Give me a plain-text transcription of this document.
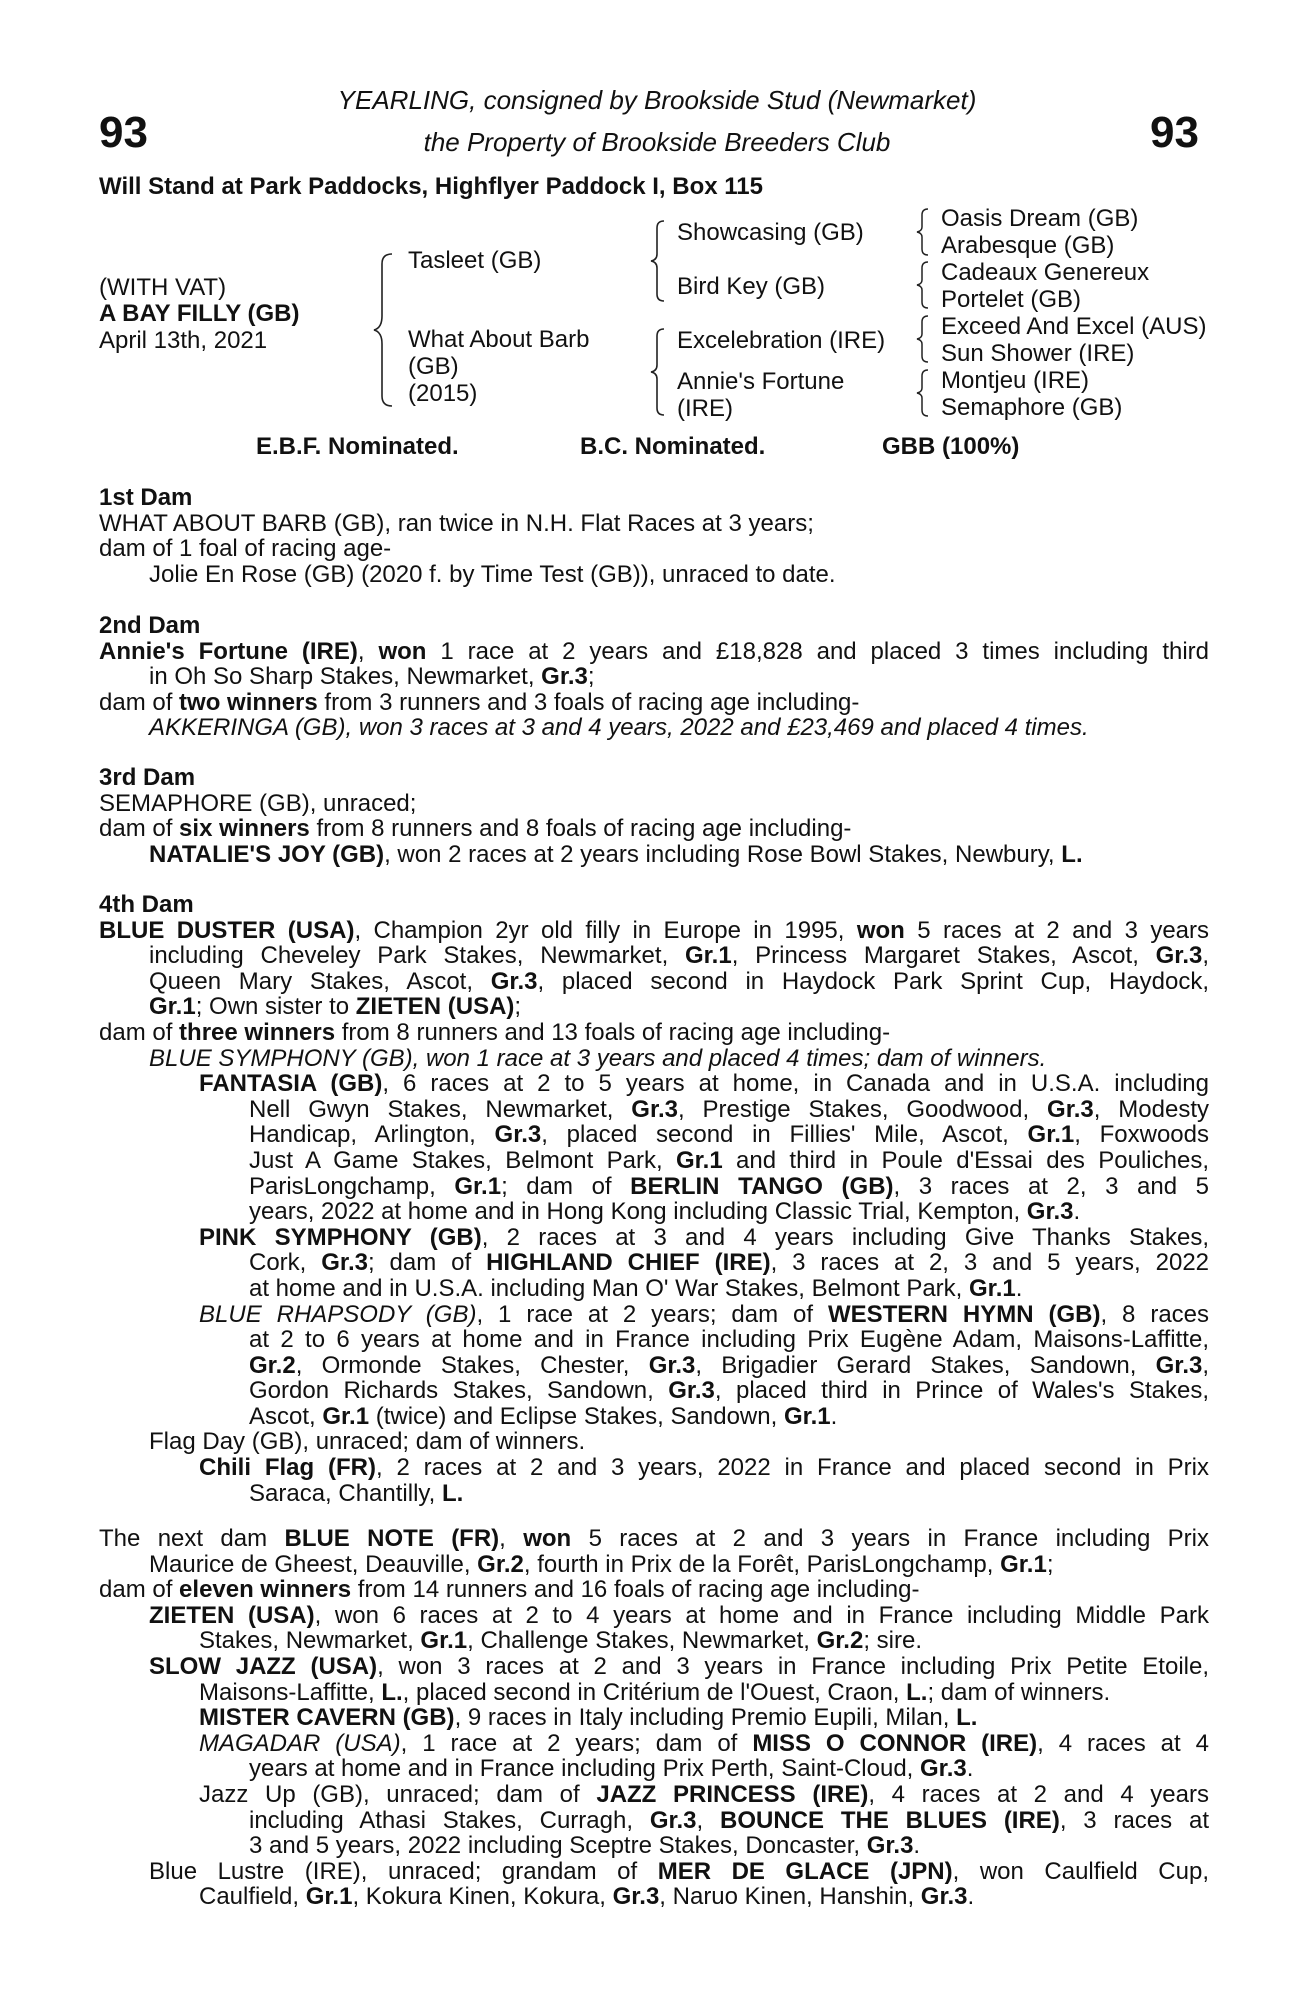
93	93
YEARLING, consigned by Brookside Stud (Newmarket)
the Property of Brookside Breeders Club
Will Stand at Park Paddocks, Highflyer Paddock I, Box 115
(WITH VAT)
A BAY FILLY (GB)
April 13th, 2021
Tasleet (GB)
What About Barb
(GB)
(2015)
Showcasing (GB)
Bird Key (GB)
Excelebration (IRE)
Annie's Fortune
(IRE)
Oasis Dream (GB)
Arabesque (GB)
Cadeaux Genereux
Portelet (GB)
Exceed And Excel (AUS)
Sun Shower (IRE)
Montjeu (IRE)
Semaphore (GB)
E.B.F. Nominated.	B.C. Nominated.	GBB (100%)
1st Dam
WHAT ABOUT BARB (GB), ran twice in N.H. Flat Races at 3 years;
dam of 1 foal of racing age-
Jolie En Rose (GB) (2020 f. by Time Test (GB)), unraced to date.
2nd Dam
Annie's Fortune (IRE), won 1 race at 2 years and £18,828 and placed 3 times including third
in Oh So Sharp Stakes, Newmarket, Gr.3;
dam of two winners from 3 runners and 3 foals of racing age including-
AKKERINGA (GB), won 3 races at 3 and 4 years, 2022 and £23,469 and placed 4 times.
3rd Dam
SEMAPHORE (GB), unraced;
dam of six winners from 8 runners and 8 foals of racing age including-
NATALIE'S JOY (GB), won 2 races at 2 years including Rose Bowl Stakes, Newbury, L.
4th Dam
BLUE DUSTER (USA), Champion 2yr old filly in Europe in 1995, won 5 races at 2 and 3 years
including Cheveley Park Stakes, Newmarket, Gr.1, Princess Margaret Stakes, Ascot, Gr.3,
Queen Mary Stakes, Ascot, Gr.3, placed second in Haydock Park Sprint Cup, Haydock,
Gr.1; Own sister to ZIETEN (USA);
dam of three winners from 8 runners and 13 foals of racing age including-
BLUE SYMPHONY (GB), won 1 race at 3 years and placed 4 times; dam of winners.
FANTASIA (GB), 6 races at 2 to 5 years at home, in Canada and in U.S.A. including
Nell Gwyn Stakes, Newmarket, Gr.3, Prestige Stakes, Goodwood, Gr.3, Modesty
Handicap, Arlington, Gr.3, placed second in Fillies' Mile, Ascot, Gr.1, Foxwoods
Just A Game Stakes, Belmont Park, Gr.1 and third in Poule d'Essai des Pouliches,
ParisLongchamp, Gr.1; dam of BERLIN TANGO (GB), 3 races at 2, 3 and 5
years, 2022 at home and in Hong Kong including Classic Trial, Kempton, Gr.3.
PINK SYMPHONY (GB), 2 races at 3 and 4 years including Give Thanks Stakes,
Cork, Gr.3; dam of HIGHLAND CHIEF (IRE), 3 races at 2, 3 and 5 years, 2022
at home and in U.S.A. including Man O' War Stakes, Belmont Park, Gr.1.
BLUE RHAPSODY (GB), 1 race at 2 years; dam of WESTERN HYMN (GB), 8 races
at 2 to 6 years at home and in France including Prix Eugène Adam, Maisons-Laffitte,
Gr.2, Ormonde Stakes, Chester, Gr.3, Brigadier Gerard Stakes, Sandown, Gr.3,
Gordon Richards Stakes, Sandown, Gr.3, placed third in Prince of Wales's Stakes,
Ascot, Gr.1 (twice) and Eclipse Stakes, Sandown, Gr.1.
Flag Day (GB), unraced; dam of winners.
Chili Flag (FR), 2 races at 2 and 3 years, 2022 in France and placed second in Prix
Saraca, Chantilly, L.
The next dam BLUE NOTE (FR), won 5 races at 2 and 3 years in France including Prix
Maurice de Gheest, Deauville, Gr.2, fourth in Prix de la Forêt, ParisLongchamp, Gr.1;
dam of eleven winners from 14 runners and 16 foals of racing age including-
ZIETEN (USA), won 6 races at 2 to 4 years at home and in France including Middle Park
Stakes, Newmarket, Gr.1, Challenge Stakes, Newmarket, Gr.2; sire.
SLOW JAZZ (USA), won 3 races at 2 and 3 years in France including Prix Petite Etoile,
Maisons-Laffitte, L., placed second in Critérium de l'Ouest, Craon, L.; dam of winners.
MISTER CAVERN (GB), 9 races in Italy including Premio Eupili, Milan, L.
MAGADAR (USA), 1 race at 2 years; dam of MISS O CONNOR (IRE), 4 races at 4
years at home and in France including Prix Perth, Saint-Cloud, Gr.3.
Jazz Up (GB), unraced; dam of JAZZ PRINCESS (IRE), 4 races at 2 and 4 years
including Athasi Stakes, Curragh, Gr.3, BOUNCE THE BLUES (IRE), 3 races at
3 and 5 years, 2022 including Sceptre Stakes, Doncaster, Gr.3.
Blue Lustre (IRE), unraced; grandam of MER DE GLACE (JPN), won Caulfield Cup,
Caulfield, Gr.1, Kokura Kinen, Kokura, Gr.3, Naruo Kinen, Hanshin, Gr.3.
